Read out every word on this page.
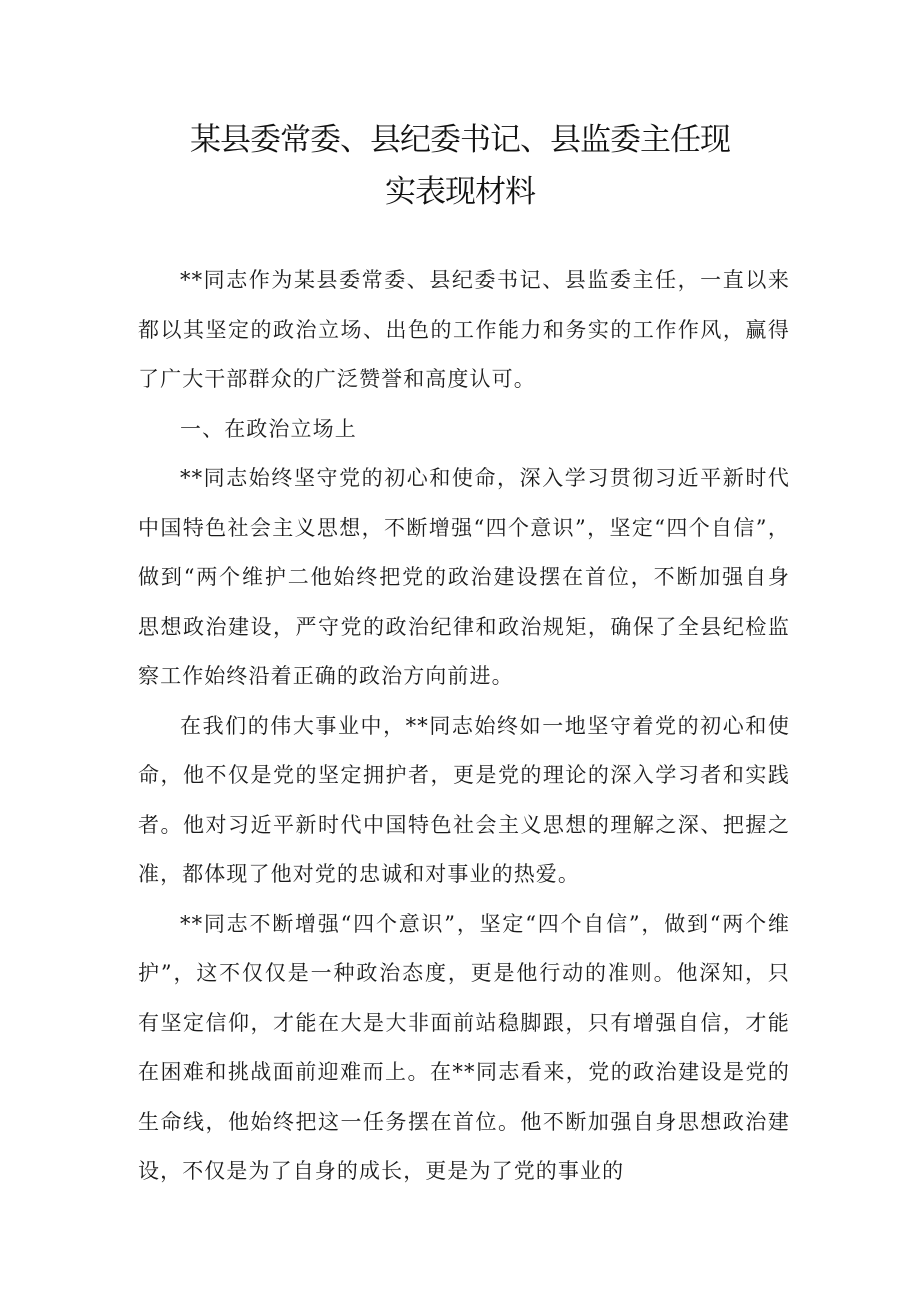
某县委常委、县纪委书记、县监委主任现
实表现材料

**同志作为某县委常委、县纪委书记、县监委主任，一直以来都以其坚定的政治立场、出色的工作能力和务实的工作作风，赢得了广大干部群众的广泛赞誉和高度认可。

一、在政治立场上

**同志始终坚守党的初心和使命，深入学习贯彻习近平新时代中国特色社会主义思想，不断增强“四个意识”，坚定“四个自信”，做到“两个维护二他始终把党的政治建设摆在首位，不断加强自身思想政治建设，严守党的政治纪律和政治规矩，确保了全县纪检监察工作始终沿着正确的政治方向前进。

在我们的伟大事业中，**同志始终如一地坚守着党的初心和使命，他不仅是党的坚定拥护者，更是党的理论的深入学习者和实践者。他对习近平新时代中国特色社会主义思想的理解之深、把握之准，都体现了他对党的忠诚和对事业的热爱。

**同志不断增强“四个意识”，坚定“四个自信”，做到“两个维护”，这不仅仅是一种政治态度，更是他行动的准则。他深知，只有坚定信仰，才能在大是大非面前站稳脚跟，只有增强自信，才能在困难和挑战面前迎难而上。在**同志看来，党的政治建设是党的生命线，他始终把这一任务摆在首位。他不断加强自身思想政治建设，不仅是为了自身的成长，更是为了党的事业的
